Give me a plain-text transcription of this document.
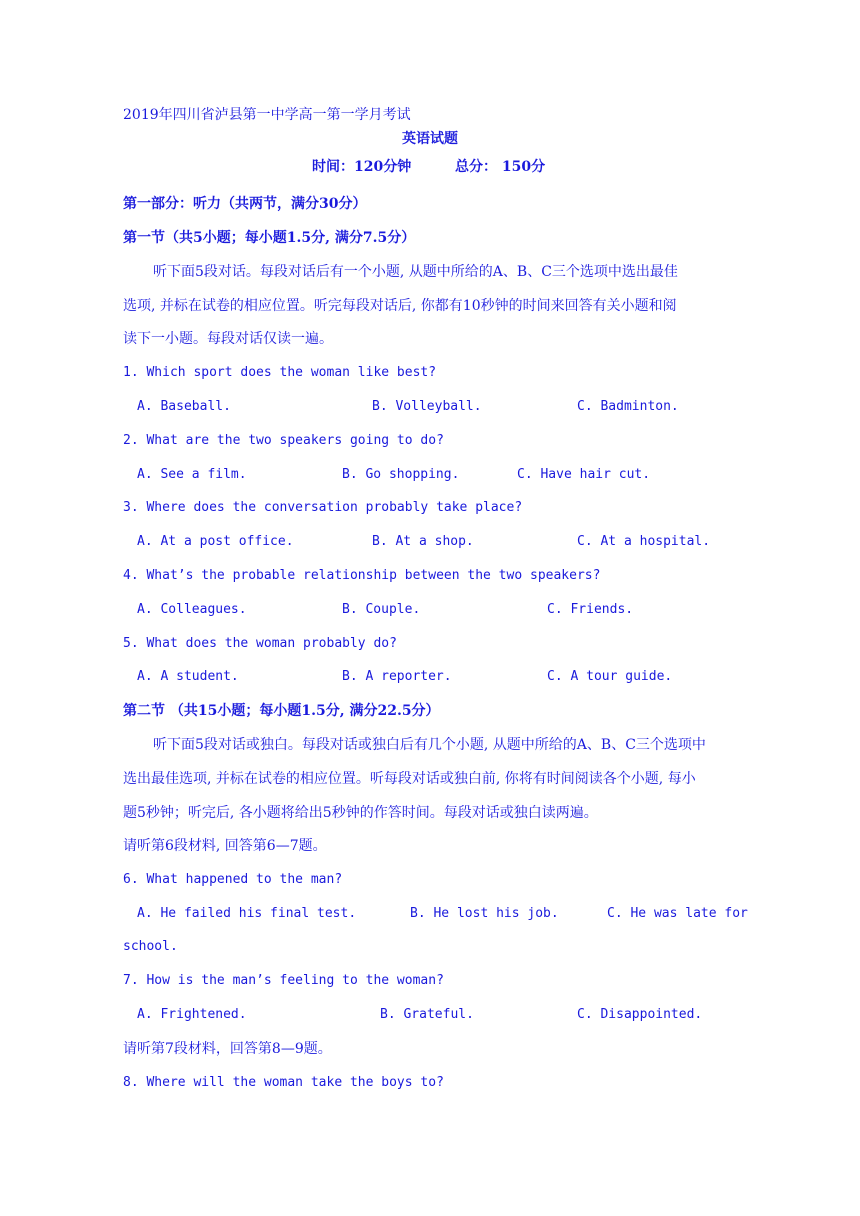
2019年四川省泸县第一中学高一第一学月考试
英语试题
时间：120分钟	总分： 150分
第一部分：听力（共两节，满分30分）
第一节（共5小题；每小题1.5分, 满分7.5分）
听下面5段对话。每段对话后有一个小题, 从题中所给的A、B、C三个选项中选出最佳
选项, 并标在试卷的相应位置。听完每段对话后, 你都有10秒钟的时间来回答有关小题和阅
读下一小题。每段对话仅读一遍。
1. Which sport does the woman like best?
A. Baseball.	B. Volleyball.	C. Badminton.
2. What are the two speakers going to do?
A. See a film.	B. Go shopping.	C. Have hair cut.
3. Where does the conversation probably take place?
A. At a post office.	B. At a shop.	C. At a hospital.
4. What’s the probable relationship between the two speakers?
A. Colleagues.	B. Couple.	C. Friends.
5. What does the woman probably do?
A. A student.	B. A reporter.	C. A tour guide.
第二节 （共15小题；每小题1.5分, 满分22.5分）
听下面5段对话或独白。每段对话或独白后有几个小题, 从题中所给的A、B、C三个选项中
选出最佳选项, 并标在试卷的相应位置。听每段对话或独白前, 你将有时间阅读各个小题, 每小
题5秒钟；听完后, 各小题将给出5秒钟的作答时间。每段对话或独白读两遍。
请听第6段材料, 回答第6—7题。
6. What happened to the man?
A. He failed his final test.	B. He lost his job.	C. He was late for
school.
7. How is the man’s feeling to the woman?
A. Frightened.	B. Grateful.	C. Disappointed.
请听第7段材料，回答第8—9题。
8. Where will the woman take the boys to?
